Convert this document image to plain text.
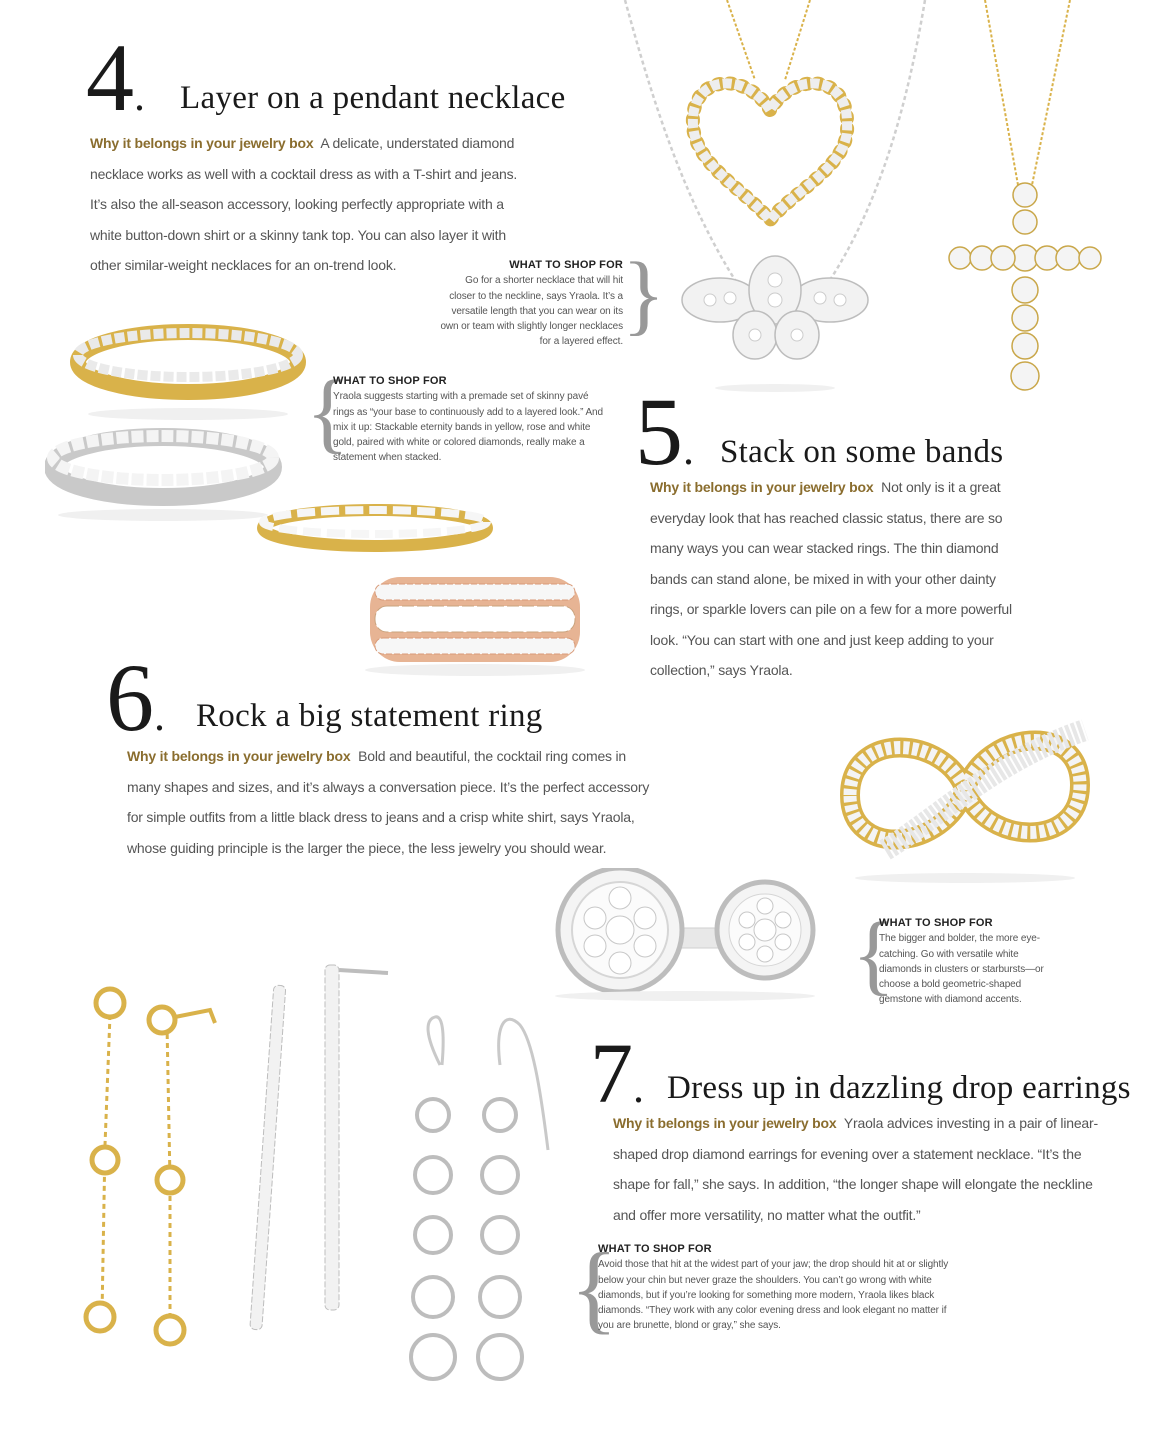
4. Layer on a pendant necklace
Why it belongs in your jewelry box A delicate, understated diamond necklace works as well with a cocktail dress as with a T-shirt and jeans. It’s also the all-season accessory, looking perfectly appropriate with a white button-down shirt or a skinny tank top. You can also layer it with other similar-weight necklaces for an on-trend look.	WHAT TO SHOP FOR
Go for a shorter necklace that will hit closer to the neckline, says Yraola. It’s a versatile length that you can wear on its own or team with slightly longer necklaces for a layered effect. }
{
WHAT TO SHOP FOR
Yraola suggests starting with a premade set of skinny pavé rings as “your base to continuously add to a layered look.” And mix it up: Stackable eternity bands in yellow, rose and white gold, paired with white or colored diamonds, really make a statement when stacked.	5. Stack on some bands
Why it belongs in your jewelry box Not only is it a great everyday look that has reached classic status, there are so many ways you can wear stacked rings. The thin diamond bands can stand alone, be mixed in with your other dainty rings, or sparkle lovers can pile on a few for a more powerful look. “You can start with one and just keep adding to your collection,” says Yraola.
6. Rock a big statement ring
Why it belongs in your jewelry box Bold and beautiful, the cocktail ring comes in many shapes and sizes, and it’s always a conversation piece. It’s the perfect accessory for simple outfits from a little black dress to jeans and a crisp white shirt, says Yraola, whose guiding principle is the larger the piece, the less jewelry you should wear.
{
WHAT TO SHOP FOR
The bigger and bolder, the more eye-catching. Go with versatile white diamonds in clusters or starbursts—or choose a bold geometric-shaped gemstone with diamond accents.
7. Dress up in dazzling drop earrings
Why it belongs in your jewelry box Yraola advices investing in a pair of linear-shaped drop diamond earrings for evening over a statement necklace. “It’s the shape for fall,” she says. In addition, “the longer shape will elongate the neckline and offer more versatility, no matter what the outfit.”
{
WHAT TO SHOP FOR
Avoid those that hit at the widest part of your jaw; the drop should hit at or slightly below your chin but never graze the shoulders. You can’t go wrong with white diamonds, but if you’re looking for something more modern, Yraola likes black diamonds. “They work with any color evening dress and look elegant no matter if you are brunette, blond or gray,” she says.
